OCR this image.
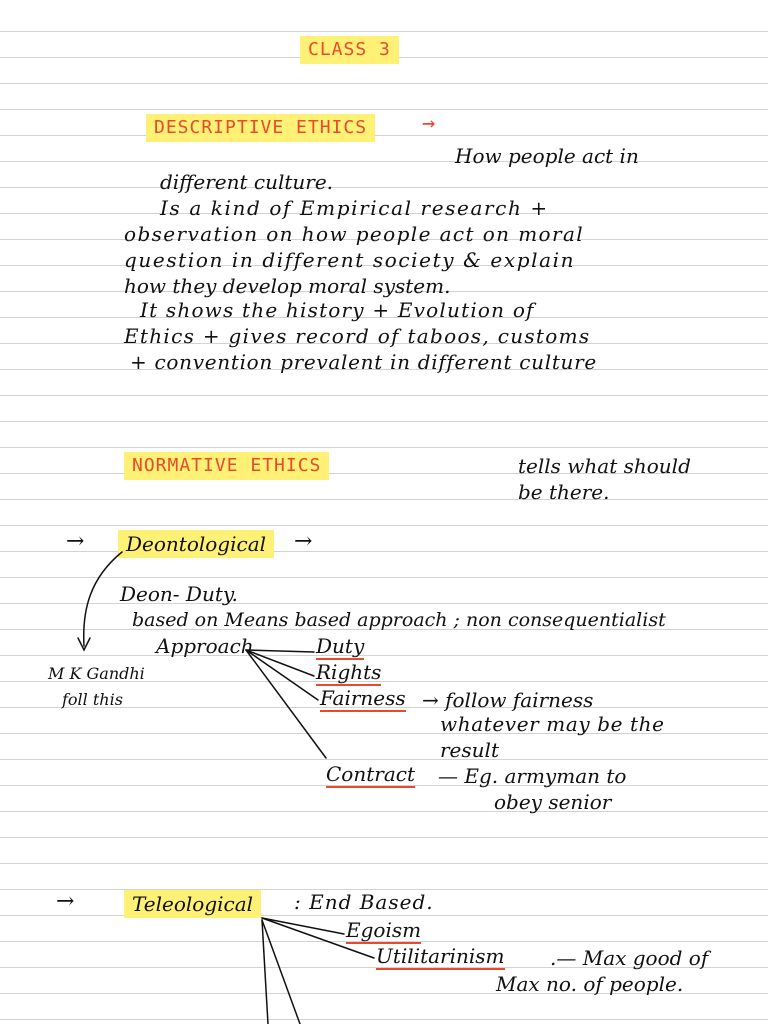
CLASS 3
DESCRIPTIVE ETHICS	→
How people act in
different culture.
Is a kind of Empirical research +
observation on how people act on moral
question in different society & explain
how they develop moral system.
It shows the history + Evolution of
Ethics + gives record of taboos, customs
+ convention prevalent in different culture
NORMATIVE ETHICS	tells what should
be there.
→	Deontological	→
Deon- Duty.
based on Means based approach ; non consequentialist
Approach
M K Gandhi
foll this
Duty
Rights
Fairness → follow fairness
whatever may be the
result
Contract — Eg. armyman to
obey senior
→	Teleological	: End Based.
Egoism
Utilitarinism .— Max good of
Max no. of people.
